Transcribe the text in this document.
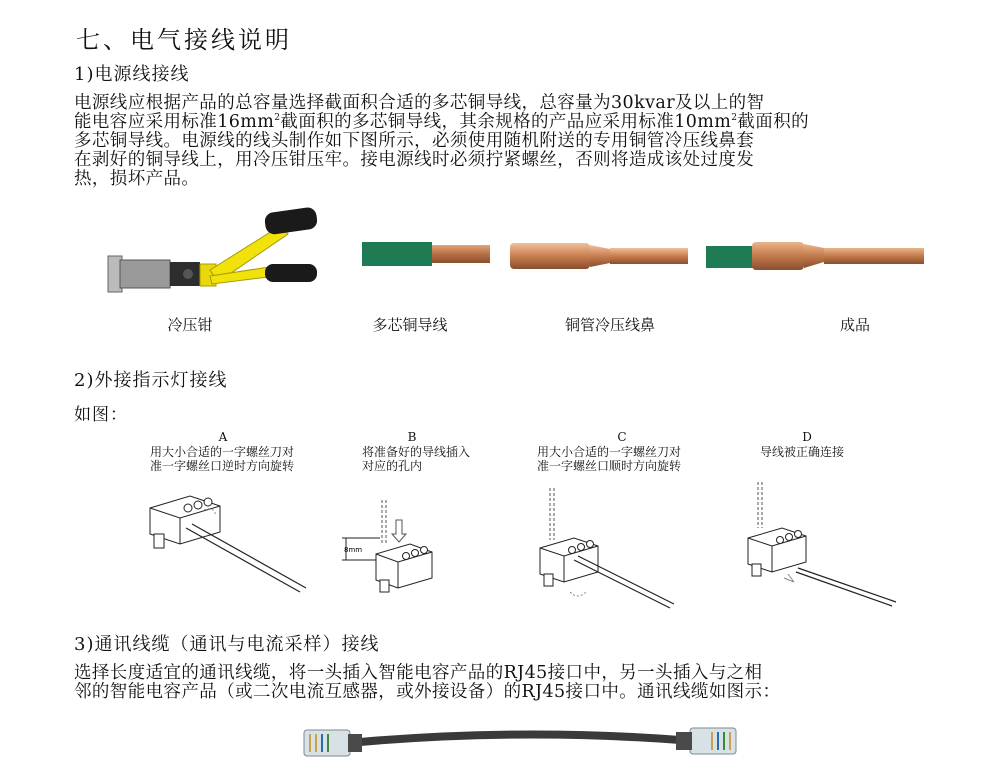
七、电气接线说明
1)电源线接线

电源线应根据产品的总容量选择截面积合适的多芯铜导线，总容量为30kvar及以上的智

能电容应采用标准$16mm^2$截面积的多芯铜导线，其余规格的产品应采用标准$10mm^2$截面积的

多芯铜导线。电源线的线头制作如下图所示，必须使用随机附送的专用铜管冷压线鼻套

在剥好的铜导线上，用冷压钳压牢。接电源线时必须拧紧螺丝，否则将造成该处过度发

热，损坏产品。

冷压钳	多芯铜导线	铜管冷压线鼻	成品
2)外接指示灯接线
如图：
A
用大小合适的一字螺丝刀对
准一字螺丝口逆时方向旋转
B
将准备好的导线插入
对应的孔内
C
用大小合适的一字螺丝刀对
准一字螺丝口顺时方向旋转
D
导线被正确连接
8mm
3)通讯线缆（通讯与电流采样）接线

选择长度适宜的通讯线缆，将一头插入智能电容产品的RJ45接口中，另一头插入与之相

邻的智能电容产品（或二次电流互感器，或外接设备）的RJ45接口中。通讯线缆如图示：
